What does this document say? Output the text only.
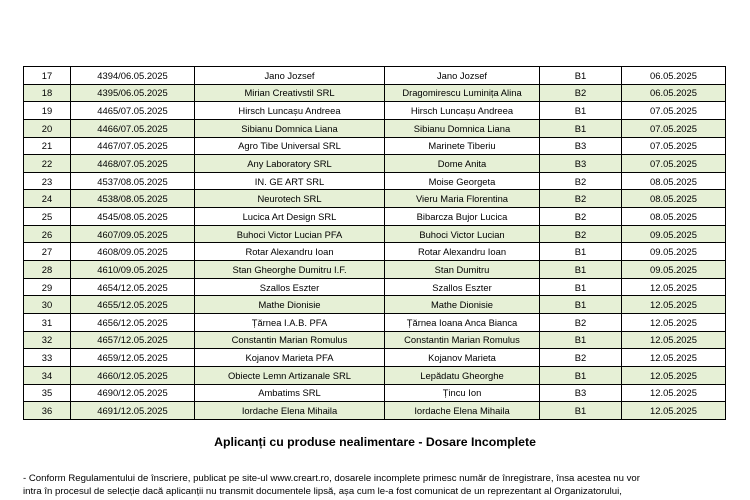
17	4394/06.05.2025	Jano Jozsef	Jano Jozsef	B1	06.05.2025
18	4395/06.05.2025	Mirian Creativstil SRL	Dragomirescu Luminița Alina	B2	06.05.2025
19	4465/07.05.2025	Hirsch Luncașu Andreea	Hirsch Luncașu Andreea	B1	07.05.2025
20	4466/07.05.2025	Sibianu Domnica Liana	Sibianu Domnica Liana	B1	07.05.2025
21	4467/07.05.2025	Agro Tibe Universal SRL	Marinete Tiberiu	B3	07.05.2025
22	4468/07.05.2025	Any Laboratory SRL	Dome Anita	B3	07.05.2025
23	4537/08.05.2025	IN. GE ART SRL	Moise Georgeta	B2	08.05.2025
24	4538/08.05.2025	Neurotech SRL	Vieru Maria Florentina	B2	08.05.2025
25	4545/08.05.2025	Lucica Art Design SRL	Bibarcza Bujor Lucica	B2	08.05.2025
26	4607/09.05.2025	Buhoci Victor Lucian PFA	Buhoci Victor Lucian	B2	09.05.2025
27	4608/09.05.2025	Rotar Alexandru Ioan	Rotar Alexandru Ioan	B1	09.05.2025
28	4610/09.05.2025	Stan Gheorghe Dumitru I.F.	Stan Dumitru	B1	09.05.2025
29	4654/12.05.2025	Szallos Eszter	Szallos Eszter	B1	12.05.2025
30	4655/12.05.2025	Mathe Dionisie	Mathe Dionisie	B1	12.05.2025
31	4656/12.05.2025	Țărnea I.A.B. PFA	Țărnea Ioana Anca Bianca	B2	12.05.2025
32	4657/12.05.2025	Constantin Marian Romulus	Constantin Marian Romulus	B1	12.05.2025
33	4659/12.05.2025	Kojanov Marieta PFA	Kojanov Marieta	B2	12.05.2025
34	4660/12.05.2025	Obiecte Lemn Artizanale SRL	Lepădatu Gheorghe	B1	12.05.2025
35	4690/12.05.2025	Ambatims SRL	Țincu Ion	B3	12.05.2025
36	4691/12.05.2025	Iordache Elena Mihaila	Iordache Elena Mihaila	B1	12.05.2025
Aplicanți cu produse nealimentare - Dosare Incomplete
- Conform Regulamentului de înscriere, publicat pe site-ul www.creart.ro, dosarele incomplete primesc număr de înregistrare, însa acestea nu vor
intra în procesul de selecție dacă aplicanții nu transmit documentele lipsă, așa cum le-a fost comunicat de un reprezentant al Organizatorului,
